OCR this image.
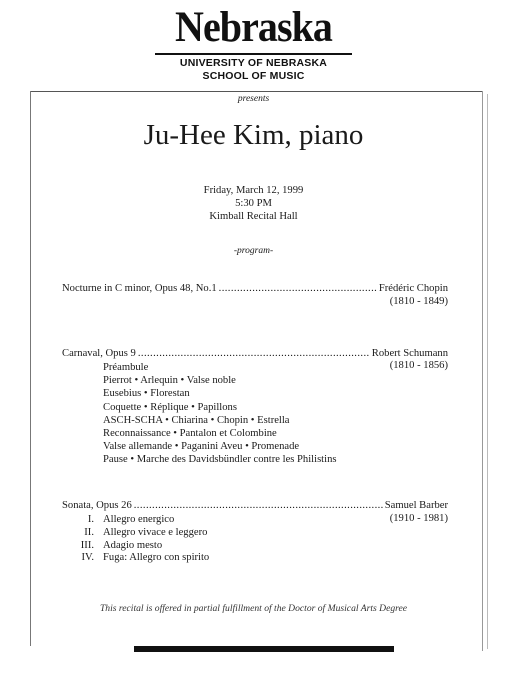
Nebraska
UNIVERSITY OF NEBRASKA
SCHOOL OF MUSIC
presents
Ju-Hee Kim, piano
Friday, March 12, 1999
5:30 PM
Kimball Recital Hall
-program-
Nocturne in C minor, Opus 48, No.1 .....	Frédéric Chopin
(1810 - 1849)
Carnaval, Opus 9 .....	Robert Schumann
(1810 - 1856)
Préambule
Pierrot • Arlequin • Valse noble
Eusebius • Florestan
Coquette • Réplique • Papillons
ASCH-SCHA • Chiarina • Chopin • Estrella
Reconnaissance • Pantalon et Colombine
Valse allemande • Paganini Aveu • Promenade
Pause • Marche des Davidsbündler contre les Philistins
Sonata, Opus 26 .....	Samuel Barber
(1910 - 1981)
I. Allegro energico
II. Allegro vivace e leggero
III. Adagio mesto
IV. Fuga: Allegro con spirito
This recital is offered in partial fulfillment of the Doctor of Musical Arts Degree
